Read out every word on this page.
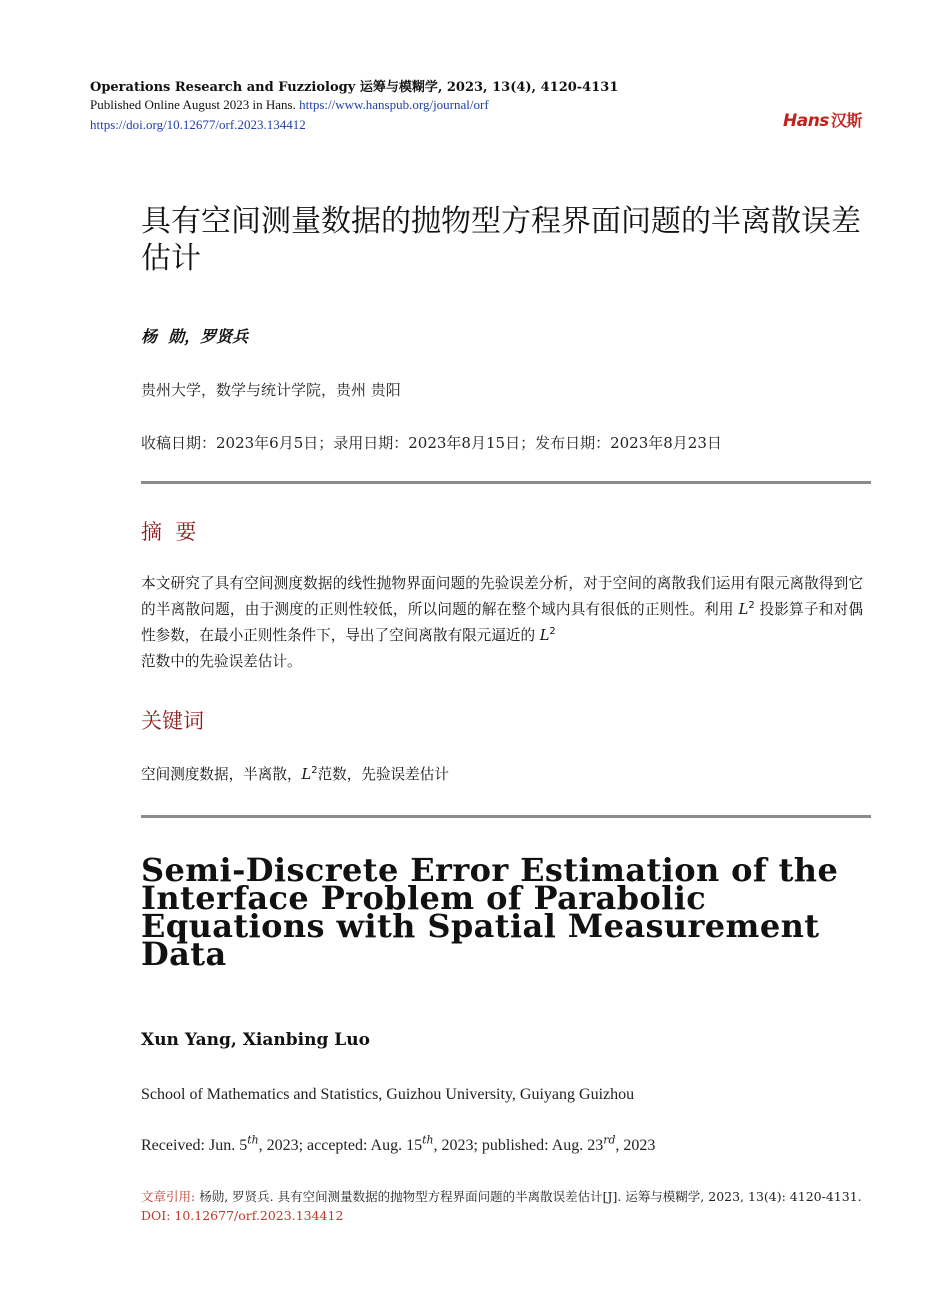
Operations Research and Fuzziology 运筹与模糊学, 2023, 13(4), 4120-4131
Published Online August 2023 in Hans. https://www.hanspub.org/journal/orf
https://doi.org/10.12677/orf.2023.134412	Hans 汉斯
具有空间测量数据的抛物型方程界面问题的半离散误差估计
杨  勋，罗贤兵
贵州大学，数学与统计学院，贵州 贵阳
收稿日期：2023年6月5日；录用日期：2023年8月15日；发布日期：2023年8月23日
摘  要

本文研究了具有空间测度数据的线性抛物界面问题的先验误差分析，对于空间的离散我们运用有限元离散得到它的半离散问题，由于测度的正则性较低，所以问题的解在整个域内具有很低的正则性。利用 $L^2$ 投影算子和对偶性参数，在最小正则性条件下，导出了空间离散有限元逼近的 $L^2$
范数中的先验误差估计。

关键词

空间测度数据，半离散，$L^2$范数，先验误差估计

Semi-Discrete Error Estimation of the Interface Problem of Parabolic Equations with Spatial Measurement Data
Xun Yang, Xianbing Luo
School of Mathematics and Statistics, Guizhou University, Guiyang Guizhou
Received: Jun. 5th, 2023; accepted: Aug. 15th, 2023; published: Aug. 23rd, 2023

文章引用: 杨勋, 罗贤兵. 具有空间测量数据的抛物型方程界面问题的半离散误差估计[J]. 运筹与模糊学, 2023, 13(4): 4120-4131. DOI: 10.12677/orf.2023.134412
